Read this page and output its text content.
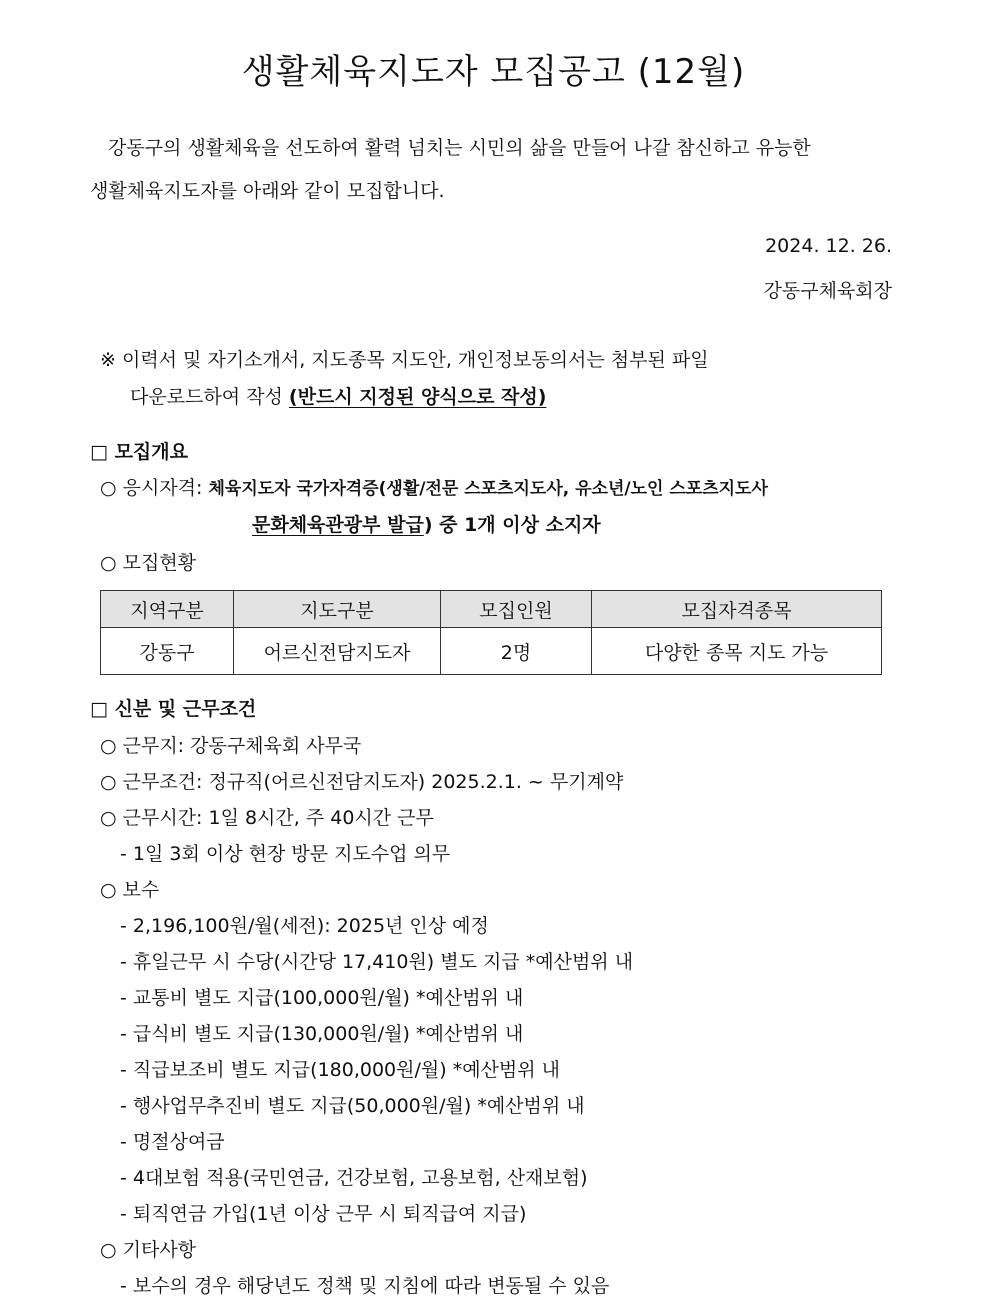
생활체육지도자 모집공고 (12월)
강동구의 생활체육을 선도하여 활력 넘치는 시민의 삶을 만들어 나갈 참신하고 유능한
생활체육지도자를 아래와 같이 모집합니다.
2024. 12. 26.
강동구체육회장
※ 이력서 및 자기소개서, 지도종목 지도안, 개인정보동의서는 첨부된 파일
다운로드하여 작성 (반드시 지정된 양식으로 작성)
□ 모집개요
○ 응시자격: 체육지도자 국가자격증(생활/전문 스포츠지도사, 유소년/노인 스포츠지도사
문화체육관광부 발급) 중 1개 이상 소지자
○ 모집현황
지역구분	지도구분	모집인원	모집자격종목
강동구	어르신전담지도자	2명	다양한 종목 지도 가능
□ 신분 및 근무조건
○ 근무지: 강동구체육회 사무국
○ 근무조건: 정규직(어르신전담지도자) 2025.2.1. ~ 무기계약
○ 근무시간: 1일 8시간, 주 40시간 근무
- 1일 3회 이상 현장 방문 지도수업 의무
○ 보수
- 2,196,100원/월(세전): 2025년 인상 예정
- 휴일근무 시 수당(시간당 17,410원) 별도 지급 *예산범위 내
- 교통비 별도 지급(100,000원/월) *예산범위 내
- 급식비 별도 지급(130,000원/월) *예산범위 내
- 직급보조비 별도 지급(180,000원/월) *예산범위 내
- 행사업무추진비 별도 지급(50,000원/월) *예산범위 내
- 명절상여금
- 4대보험 적용(국민연금, 건강보험, 고용보험, 산재보험)
- 퇴직연금 가입(1년 이상 근무 시 퇴직급여 지급)
○ 기타사항
- 보수의 경우 해당년도 정책 및 지침에 따라 변동될 수 있음
